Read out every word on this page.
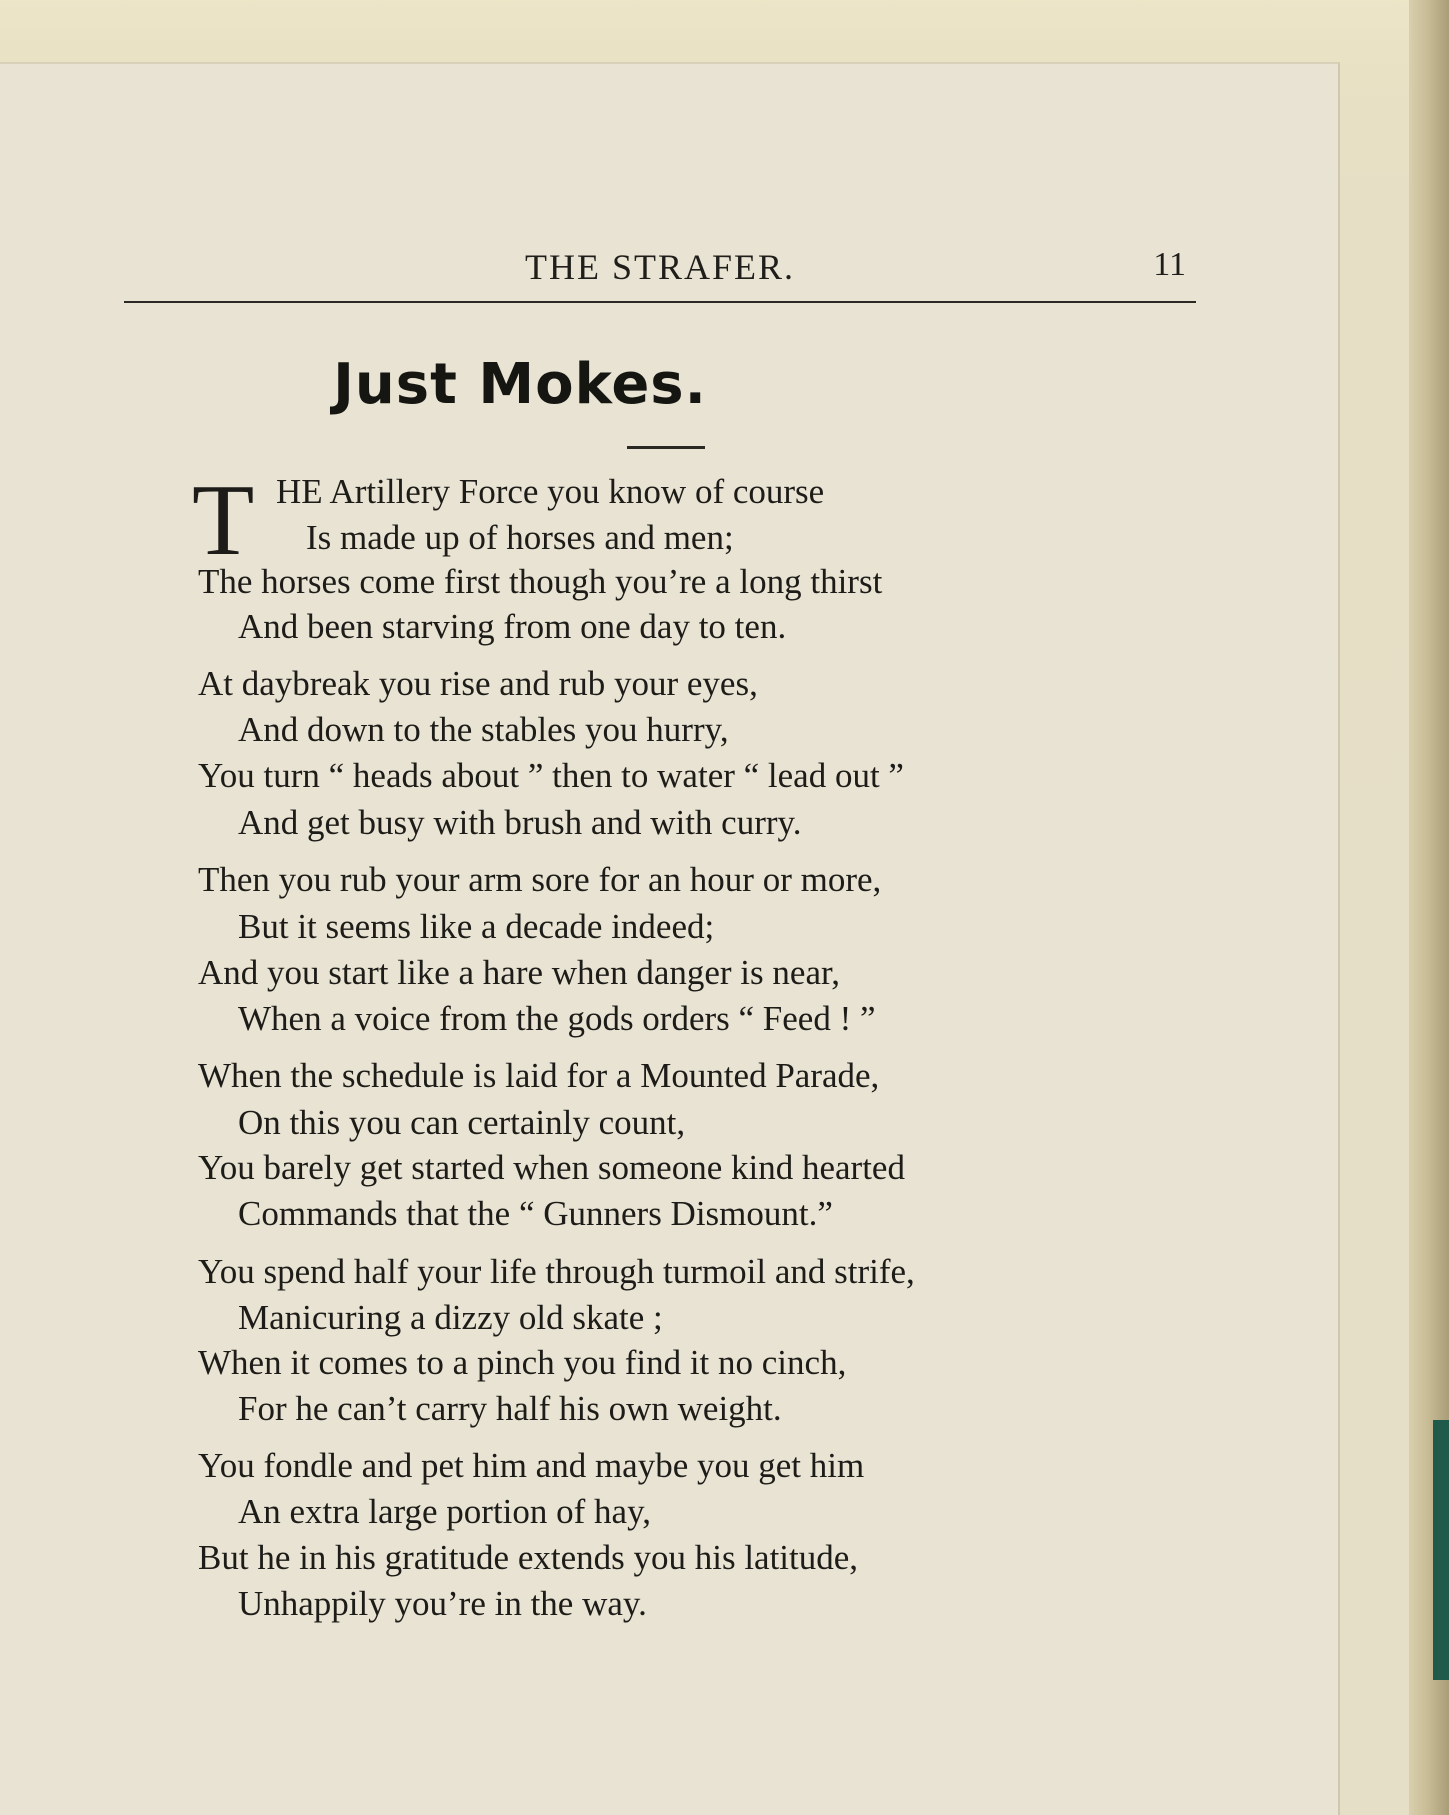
THE STRAFER.	11
Just Mokes.
T HE Artillery Force you know of course
Is made up of horses and men;
The horses come first though you’re a long thirst
And been starving from one day to ten.
At daybreak you rise and rub your eyes,
And down to the stables you hurry,
You turn “ heads about ” then to water “ lead out ”
And get busy with brush and with curry.
Then you rub your arm sore for an hour or more,
But it seems like a decade indeed;
And you start like a hare when danger is near,
When a voice from the gods orders “ Feed ! ”
When the schedule is laid for a Mounted Parade,
On this you can certainly count,
You barely get started when someone kind hearted
Commands that the “ Gunners Dismount.”
You spend half your life through turmoil and strife,
Manicuring a dizzy old skate ;
When it comes to a pinch you find it no cinch,
For he can’t carry half his own weight.
You fondle and pet him and maybe you get him
An extra large portion of hay,
But he in his gratitude extends you his latitude,
Unhappily you’re in the way.
